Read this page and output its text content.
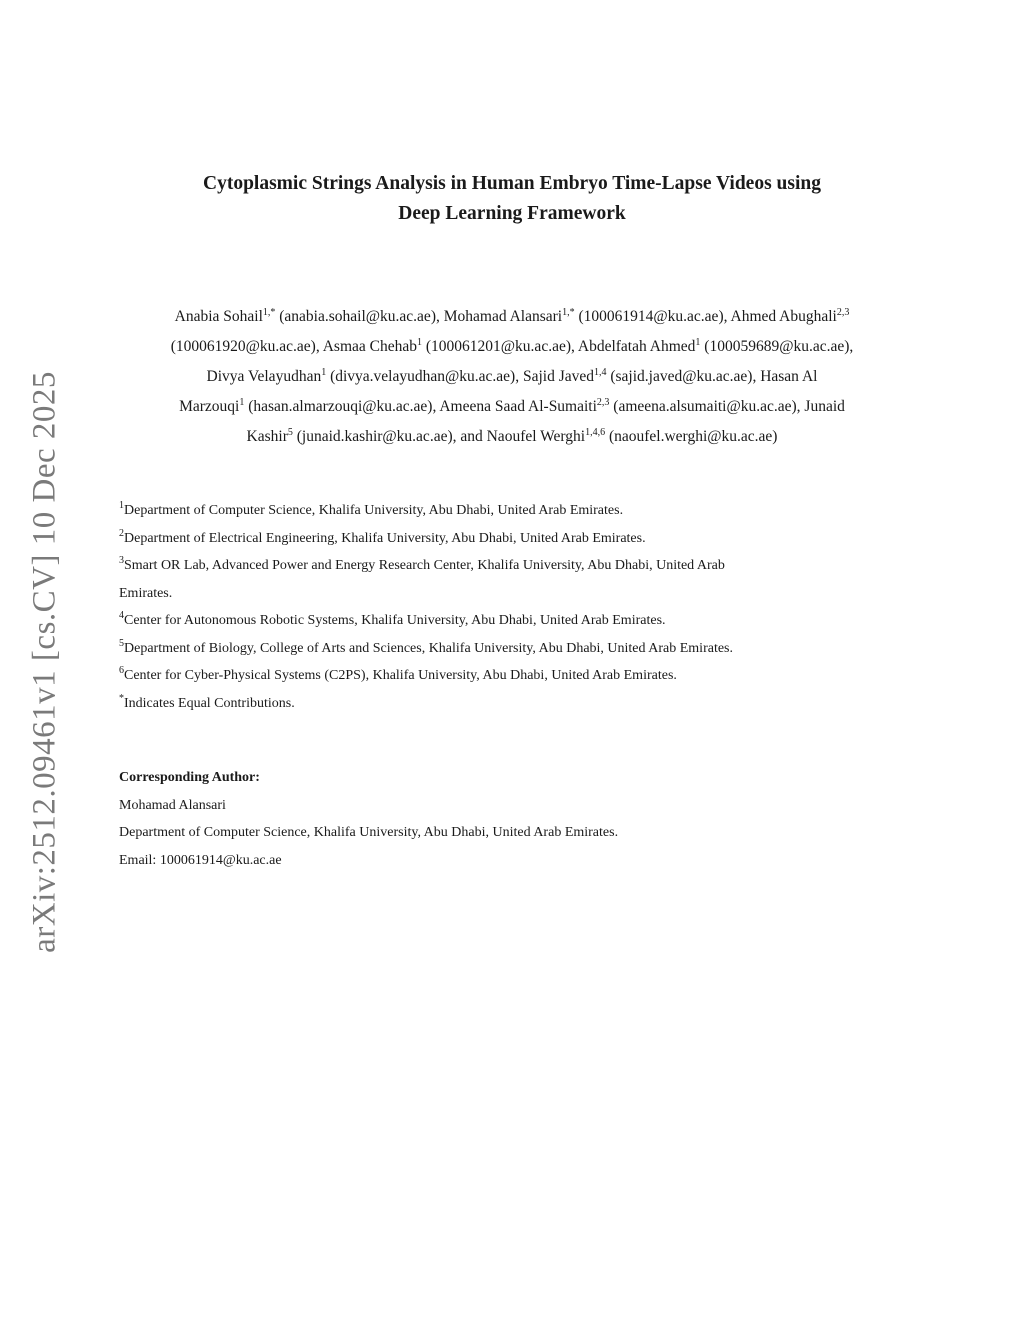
arXiv:2512.09461v1 [cs.CV] 10 Dec 2025
Cytoplasmic Strings Analysis in Human Embryo Time-Lapse Videos using
Deep Learning Framework
Anabia Sohail$^{1,*}$ (anabia.sohail@ku.ac.ae), Mohamad Alansari$^{1,*}$ (100061914@ku.ac.ae), Ahmed Abughali$^{2,3}$
(100061920@ku.ac.ae), Asmaa Chehab$^1$ (100061201@ku.ac.ae), Abdelfatah Ahmed$^1$ (100059689@ku.ac.ae),
Divya Velayudhan$^1$ (divya.velayudhan@ku.ac.ae), Sajid Javed$^{1,4}$ (sajid.javed@ku.ac.ae), Hasan Al
Marzouqi$^1$ (hasan.almarzouqi@ku.ac.ae), Ameena Saad Al-Sumaiti$^{2,3}$ (ameena.alsumaiti@ku.ac.ae), Junaid
Kashir$^5$ (junaid.kashir@ku.ac.ae), and Naoufel Werghi$^{1,4,6}$ (naoufel.werghi@ku.ac.ae)
$^1$Department of Computer Science, Khalifa University, Abu Dhabi, United Arab Emirates.
$^2$Department of Electrical Engineering, Khalifa University, Abu Dhabi, United Arab Emirates.
$^3$Smart OR Lab, Advanced Power and Energy Research Center, Khalifa University, Abu Dhabi, United Arab
Emirates.
$^4$Center for Autonomous Robotic Systems, Khalifa University, Abu Dhabi, United Arab Emirates.
$^5$Department of Biology, College of Arts and Sciences, Khalifa University, Abu Dhabi, United Arab Emirates.
$^6$Center for Cyber-Physical Systems (C2PS), Khalifa University, Abu Dhabi, United Arab Emirates.
*Indicates Equal Contributions.
Corresponding Author:
Mohamad Alansari
Department of Computer Science, Khalifa University, Abu Dhabi, United Arab Emirates.
Email: 100061914@ku.ac.ae
